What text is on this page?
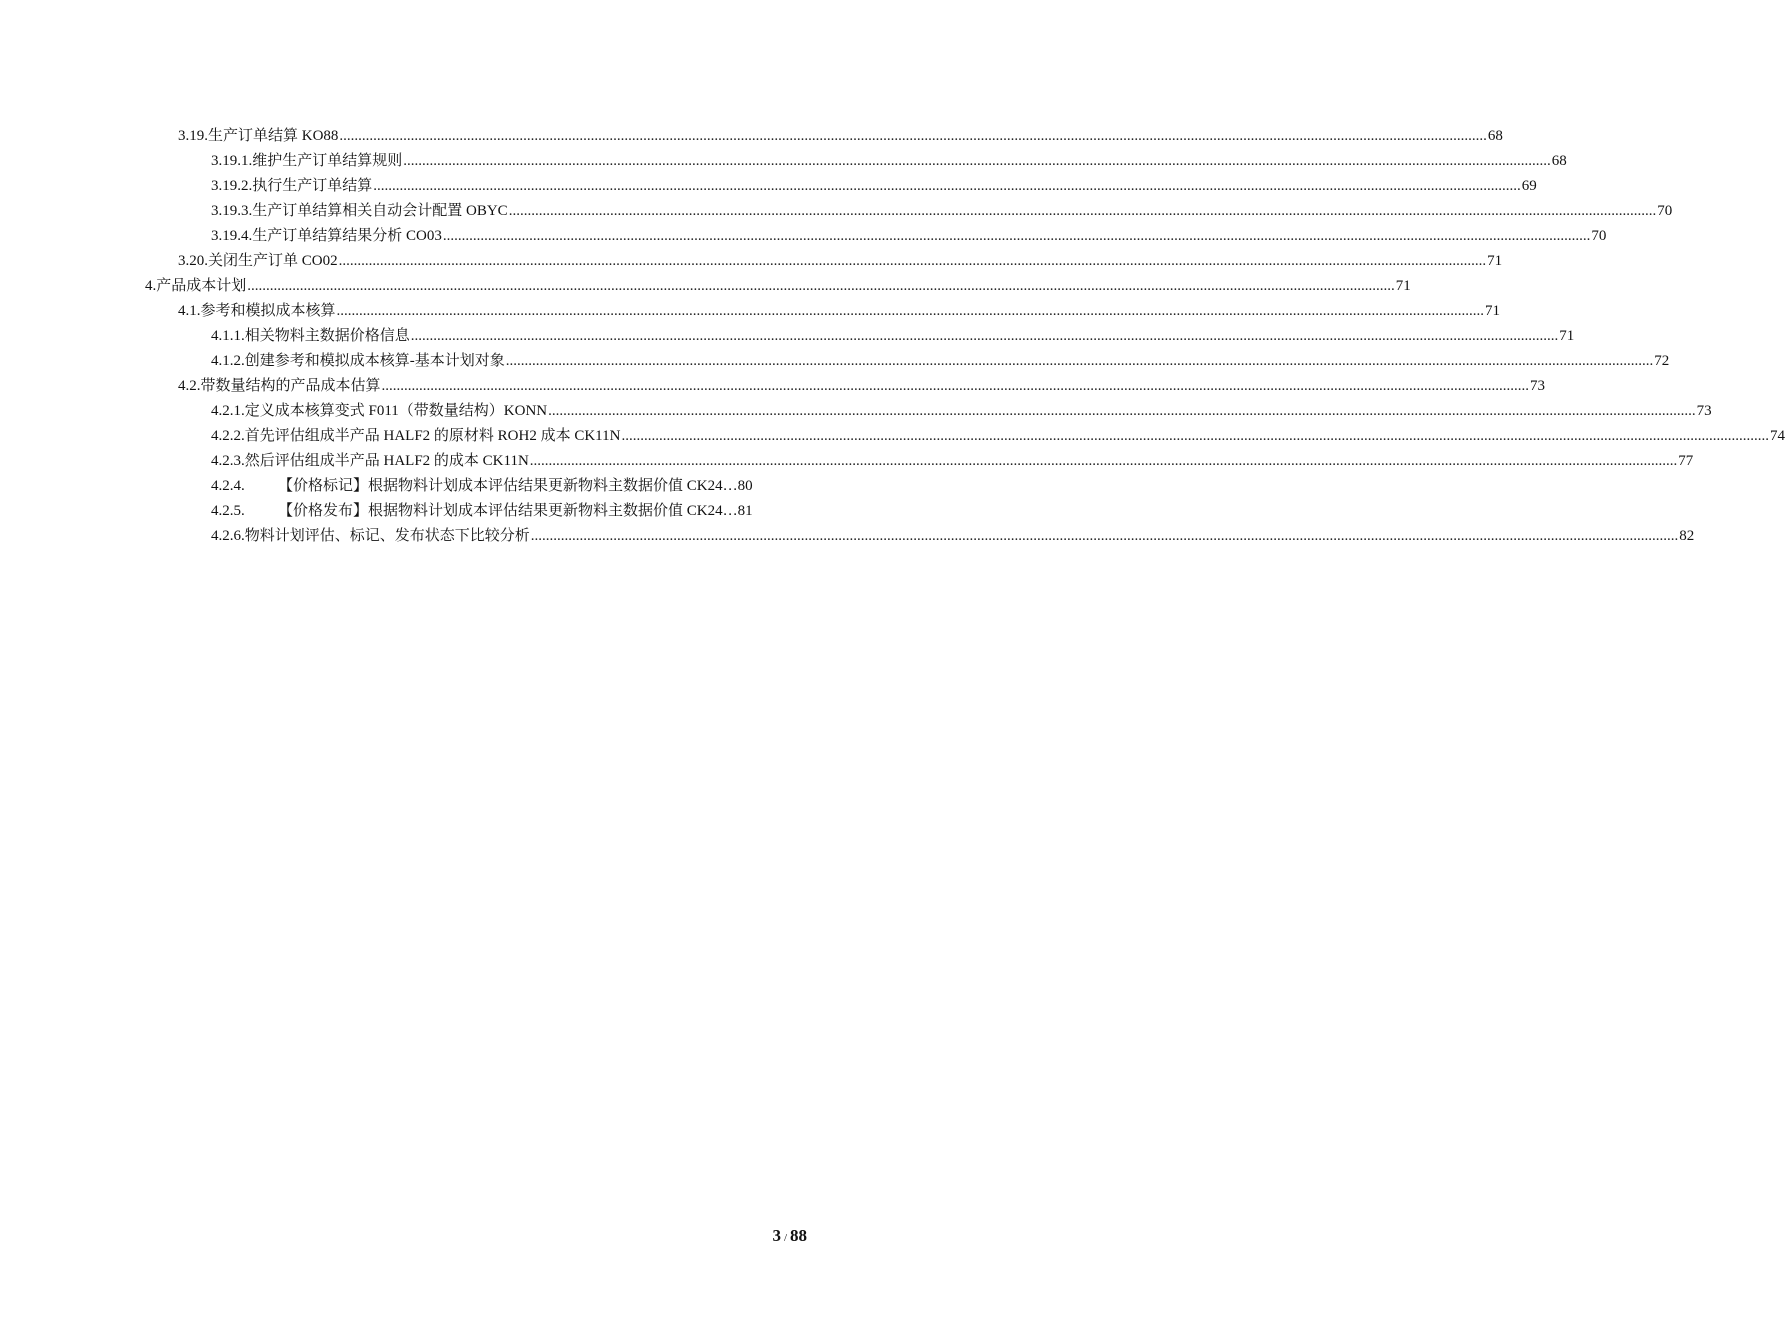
3.19. 生产订单结算 KO88 .....	68
3.19.1. 维护生产订单结算规则 .....	68
3.19.2. 执行生产订单结算 .....	69
3.19.3. 生产订单结算相关自动会计配置 OBYC .....	70
3.19.4. 生产订单结算结果分析 CO03 .....	70
3.20. 关闭生产订单 CO02 .....	71
4. 产品成本计划 .....	71
4.1. 参考和模拟成本核算 .....	71
4.1.1. 相关物料主数据价格信息 .....	71
4.1.2. 创建参考和模拟成本核算-基本计划对象 .....	72
4.2. 带数量结构的产品成本估算 .....	73
4.2.1. 定义成本核算变式 F011（带数量结构）KONN .....	73
4.2.2. 首先评估组成半产品 HALF2 的原材料 ROH2 成本 CK11N .....	74
4.2.3. 然后评估组成半产品 HALF2 的成本 CK11N .....	77
4.2.4.	【价格标记】根据物料计划成本评估结果更新物料主数据价值 CK24… 80
4.2.5.	【价格发布】根据物料计划成本评估结果更新物料主数据价值 CK24… 81
4.2.6. 物料计划评估、标记、发布状态下比较分析 .....	82
3 / 88
